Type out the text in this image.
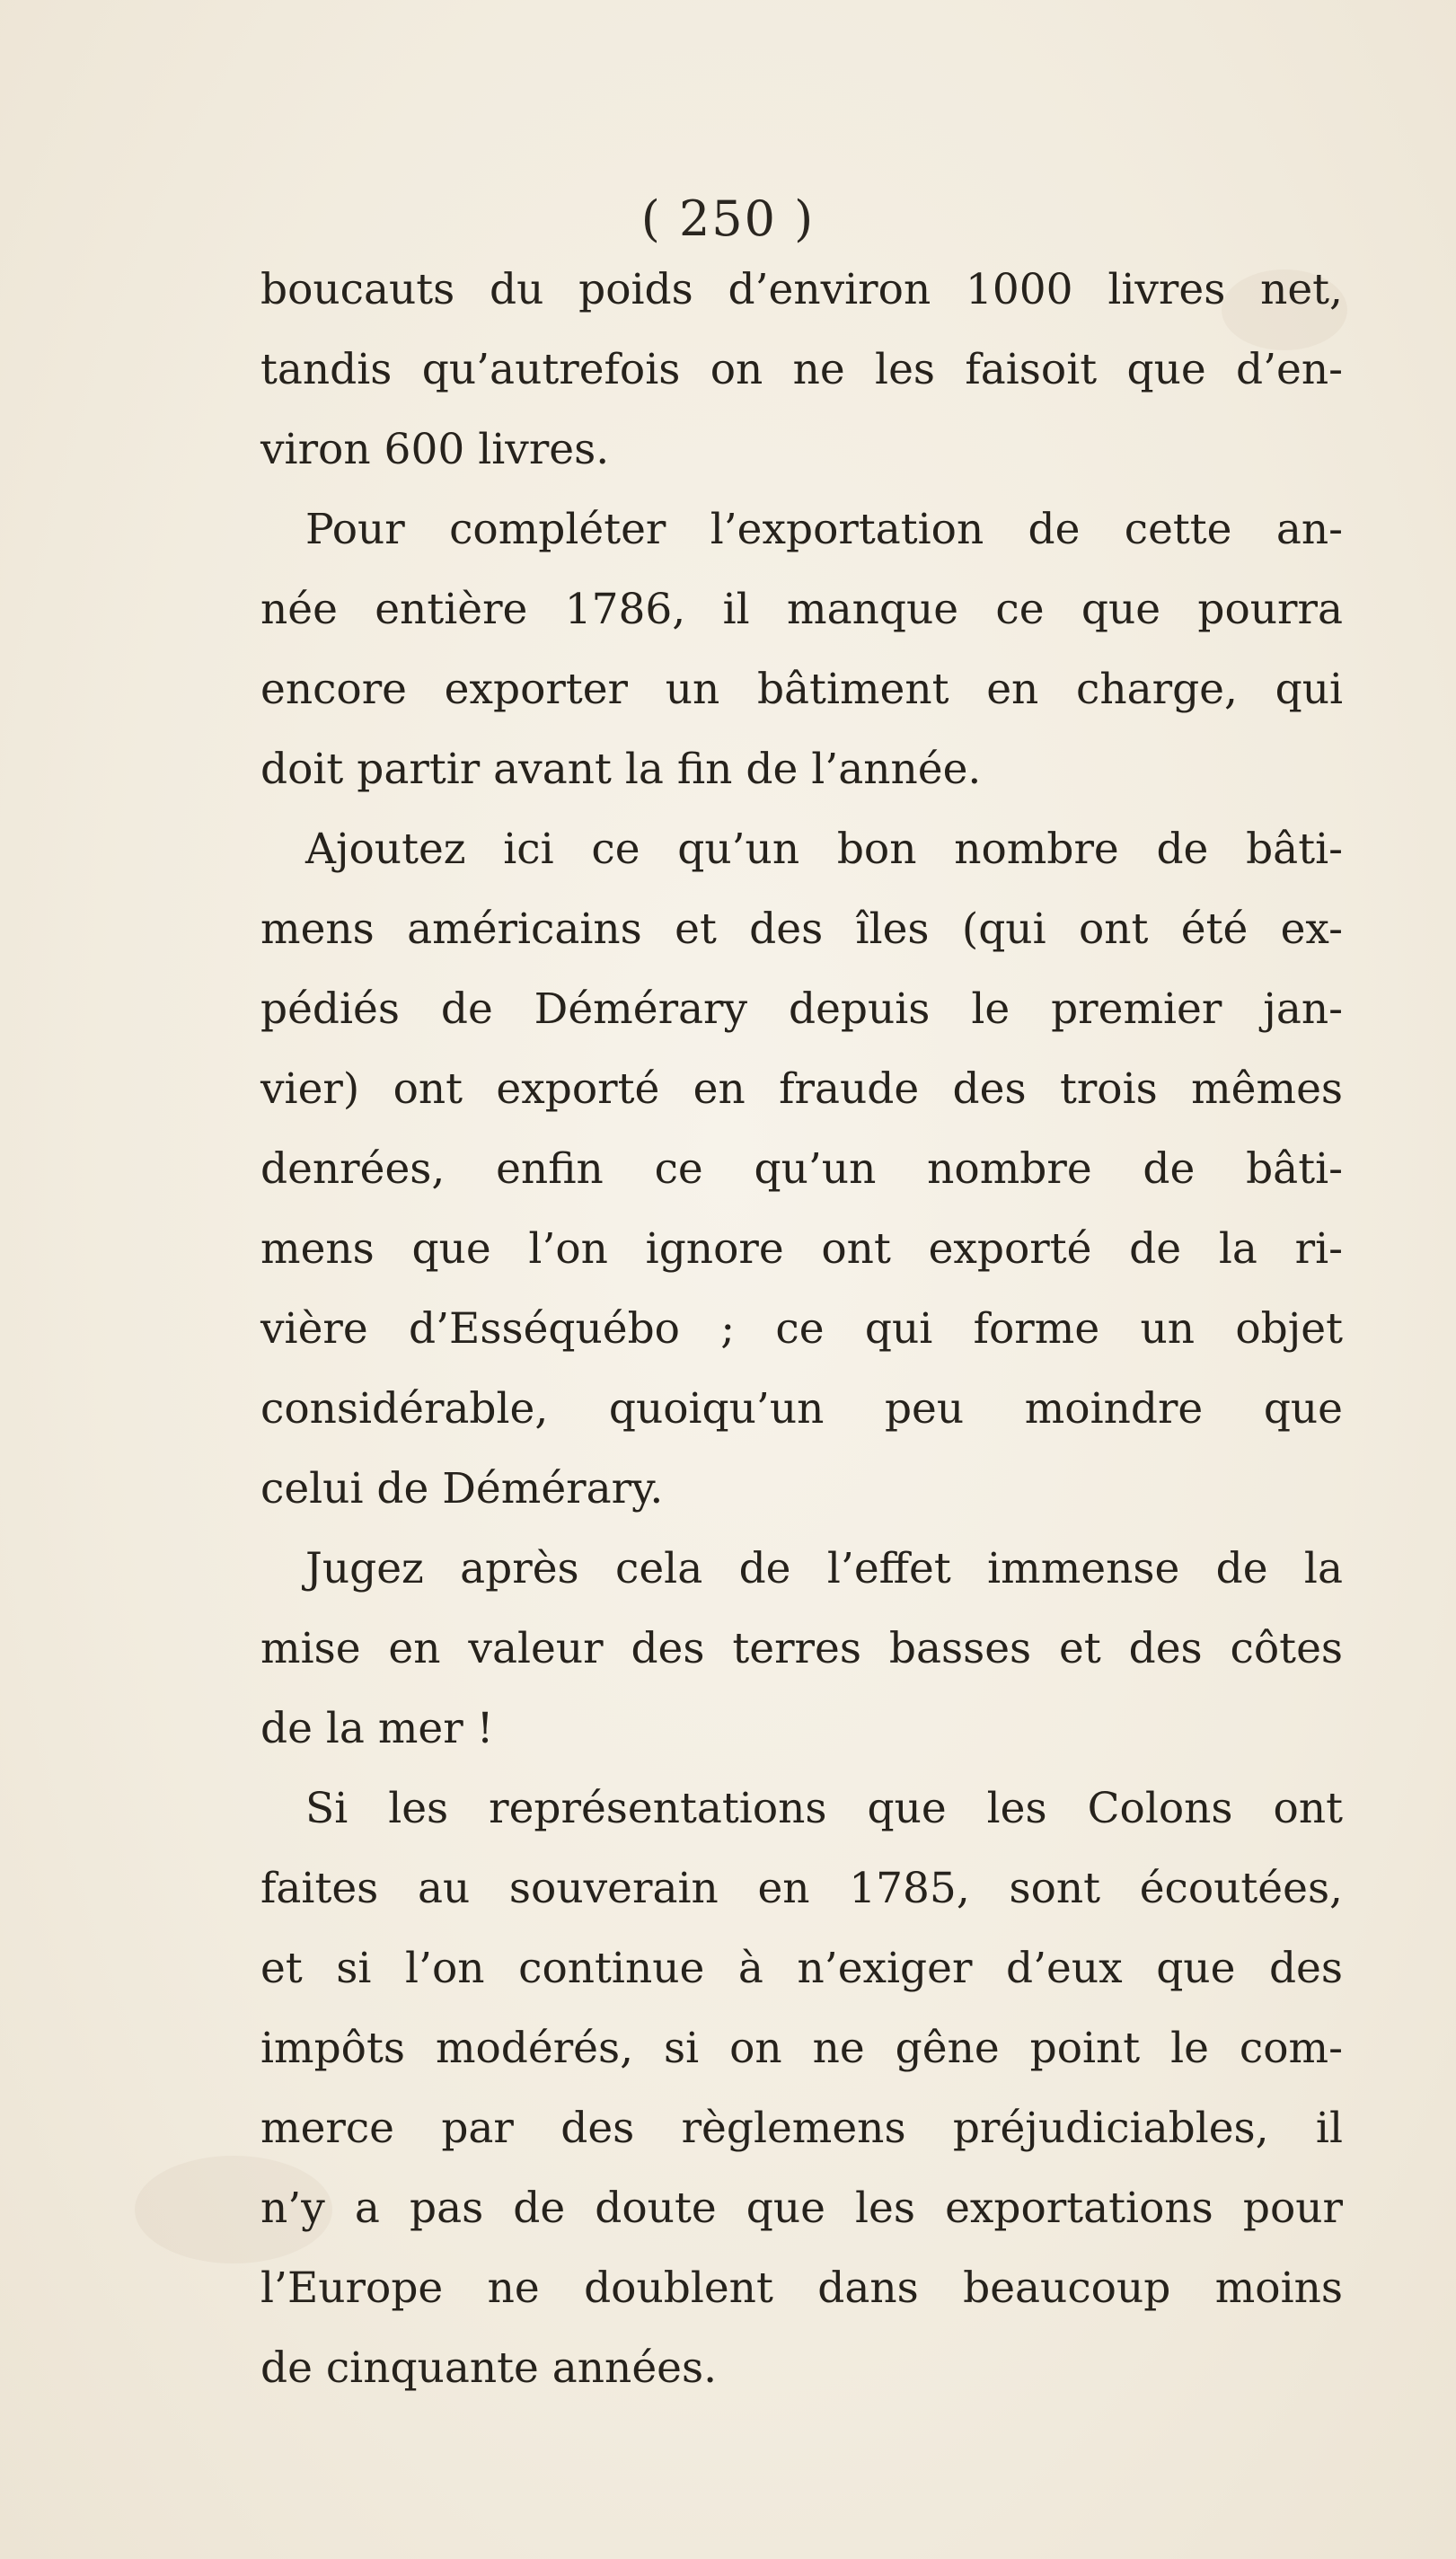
( 250 )
boucauts du poids d’environ 1000 livres net,
tandis qu’autrefois on ne les faisoit que d’en-
viron 600 livres.
Pour compléter l’exportation de cette an-
née entière 1786, il manque ce que pourra
encore exporter un bâtiment en charge, qui
doit partir avant la fin de l’année.
Ajoutez ici ce qu’un bon nombre de bâti-
mens américains et des îles (qui ont été ex-
pédiés de Démérary depuis le premier jan-
vier) ont exporté en fraude des trois mêmes
denrées, enfin ce qu’un nombre de bâti-
mens que l’on ignore ont exporté de la ri-
vière d’Esséquébo ; ce qui forme un objet
considérable, quoiqu’un peu moindre que
celui de Démérary.
Jugez après cela de l’effet immense de la
mise en valeur des terres basses et des côtes
de la mer !
Si les représentations que les Colons ont
faites au souverain en 1785, sont écoutées,
et si l’on continue à n’exiger d’eux que des
impôts modérés, si on ne gêne point le com-
merce par des règlemens préjudiciables, il
n’y a pas de doute que les exportations pour
l’Europe ne doublent dans beaucoup moins
de cinquante années.
